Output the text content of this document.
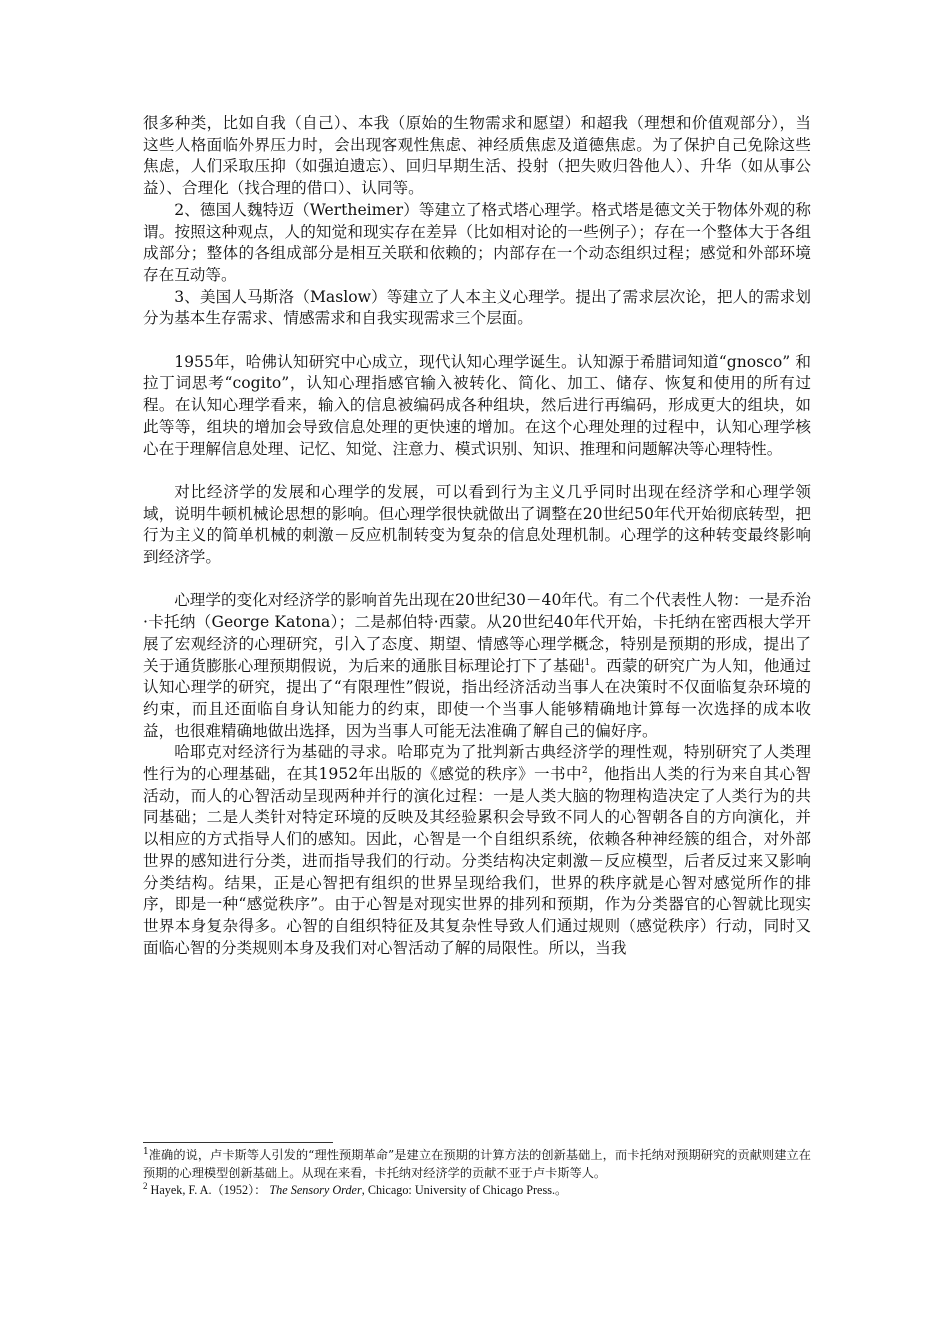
很多种类，比如自我（自己）、本我（原始的生物需求和愿望）和超我（理想和价值观部分），当这些人格面临外界压力时，会出现客观性焦虑、神经质焦虑及道德焦虑。为了保护自己免除这些焦虑，人们采取压抑（如强迫遗忘）、回归早期生活、投射（把失败归咎他人）、升华（如从事公益）、合理化（找合理的借口）、认同等。

2、德国人魏特迈（Wertheimer）等建立了格式塔心理学。格式塔是德文关于物体外观的称谓。按照这种观点，人的知觉和现实存在差异（比如相对论的一些例子）；存在一个整体大于各组成部分；整体的各组成部分是相互关联和依赖的；内部存在一个动态组织过程；感觉和外部环境存在互动等。

3、美国人马斯洛（Maslow）等建立了人本主义心理学。提出了需求层次论，把人的需求划分为基本生存需求、情感需求和自我实现需求三个层面。

1955年，哈佛认知研究中心成立，现代认知心理学诞生。认知源于希腊词知道“gnosco” 和拉丁词思考“cogito”，认知心理指感官输入被转化、简化、加工、储存、恢复和使用的所有过程。在认知心理学看来，输入的信息被编码成各种组块，然后进行再编码，形成更大的组块，如此等等，组块的增加会导致信息处理的更快速的增加。在这个心理处理的过程中，认知心理学核心在于理解信息处理、记忆、知觉、注意力、模式识别、知识、推理和问题解决等心理特性。

对比经济学的发展和心理学的发展，可以看到行为主义几乎同时出现在经济学和心理学领域，说明牛顿机械论思想的影响。但心理学很快就做出了调整在20世纪50年代开始彻底转型，把行为主义的简单机械的刺激－反应机制转变为复杂的信息处理机制。心理学的这种转变最终影响到经济学。

心理学的变化对经济学的影响首先出现在20世纪30－40年代。有二个代表性人物：一是乔治·卡托纳（George Katona）；二是郝伯特·西蒙。从20世纪40年代开始，卡托纳在密西根大学开展了宏观经济的心理研究，引入了态度、期望、情感等心理学概念，特别是预期的形成，提出了关于通货膨胀心理预期假说，为后来的通胀目标理论打下了基础$^1$。西蒙的研究广为人知，他通过认知心理学的研究，提出了“有限理性”假说，指出经济活动当事人在决策时不仅面临复杂环境的约束，而且还面临自身认知能力的约束，即使一个当事人能够精确地计算每一次选择的成本收益，也很难精确地做出选择，因为当事人可能无法准确了解自己的偏好序。

哈耶克对经济行为基础的寻求。哈耶克为了批判新古典经济学的理性观，特别研究了人类理性行为的心理基础，在其1952年出版的《感觉的秩序》一书中$^2$，他指出人类的行为来自其心智活动，而人的心智活动呈现两种并行的演化过程：一是人类大脑的物理构造决定了人类行为的共同基础；二是人类针对特定环境的反映及其经验累积会导致不同人的心智朝各自的方向演化，并以相应的方式指导人们的感知。因此，心智是一个自组织系统，依赖各种神经簇的组合，对外部世界的感知进行分类，进而指导我们的行动。分类结构决定刺激－反应模型，后者反过来又影响分类结构。结果，正是心智把有组织的世界呈现给我们，世界的秩序就是心智对感觉所作的排序，即是一种“感觉秩序”。由于心智是对现实世界的排列和预期，作为分类器官的心智就比现实世界本身复杂得多。心智的自组织特征及其复杂性导致人们通过规则（感觉秩序）行动，同时又面临心智的分类规则本身及我们对心智活动了解的局限性。所以，当我

$^1$准确的说，卢卡斯等人引发的“理性预期革命”是建立在预期的计算方法的创新基础上，而卡托纳对预期研究的贡献则建立在预期的心理模型创新基础上。从现在来看，卡托纳对经济学的贡献不亚于卢卡斯等人。

$^2$ Hayek, F. A.（1952）： The Sensory Order, Chicago: University of Chicago Press.。
